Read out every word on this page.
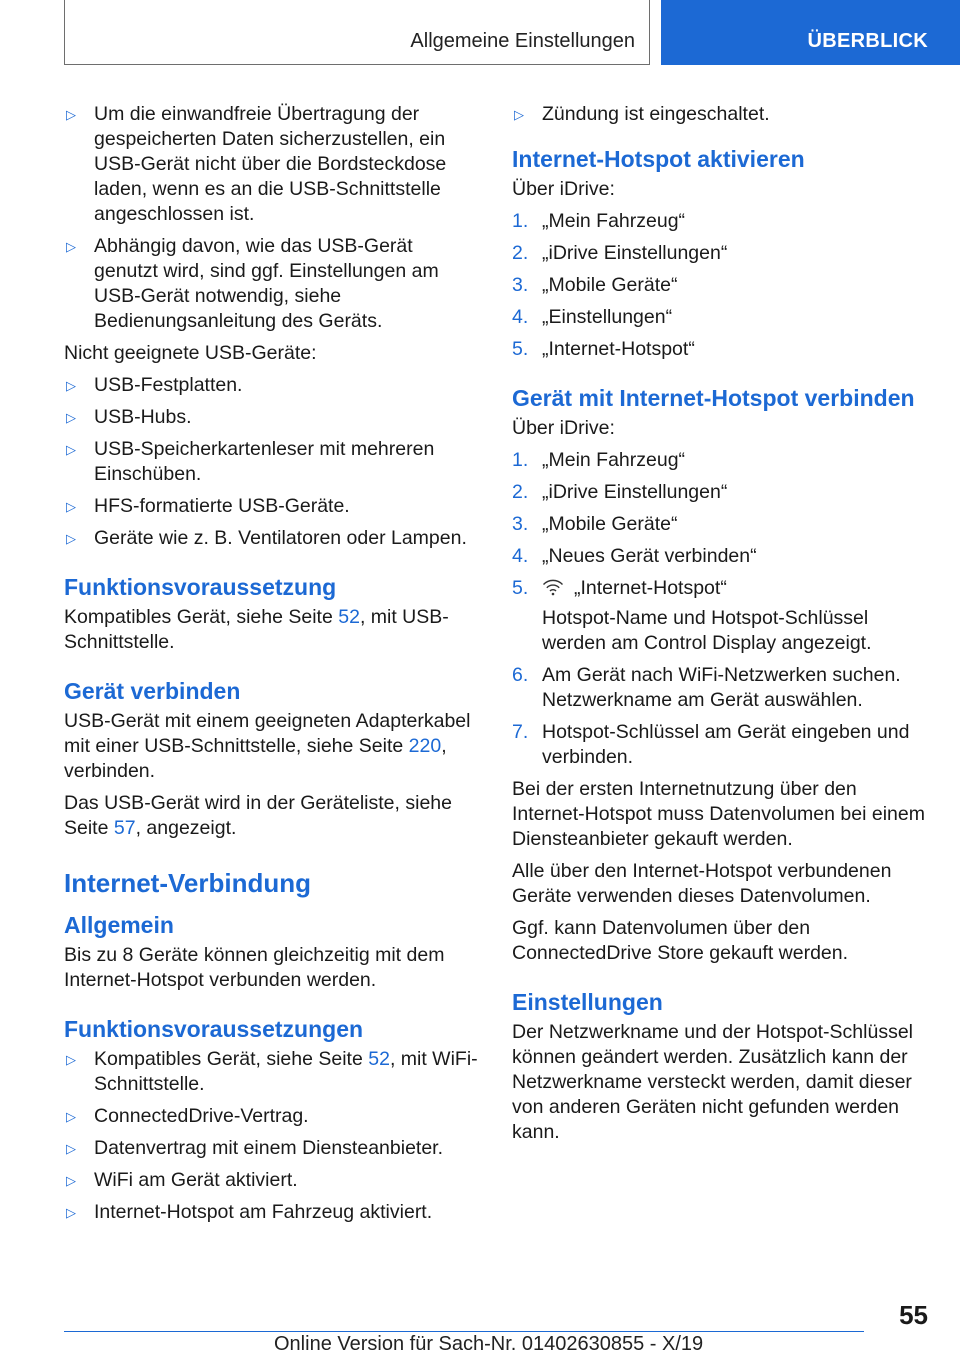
Allgemeine Einstellungen	ÜBERBLICK
▷ Um die einwandfreie Übertragung der gespeicherten Daten sicherzustellen, ein USB-Gerät nicht über die Bordsteckdose laden, wenn es an die USB-Schnittstelle angeschlossen ist.
▷ Abhängig davon, wie das USB-Gerät genutzt wird, sind ggf. Einstellungen am USB-Gerät notwendig, siehe Bedienungsanleitung des Geräts.
Nicht geeignete USB-Geräte:
▷ USB-Festplatten.
▷ USB-Hubs.
▷ USB-Speicherkartenleser mit mehreren Einschüben.
▷ HFS-formatierte USB-Geräte.
▷ Geräte wie z. B. Ventilatoren oder Lampen.
Funktionsvoraussetzung
Kompatibles Gerät, siehe Seite 52, mit USB-Schnittstelle.
Gerät verbinden
USB-Gerät mit einem geeigneten Adapterkabel mit einer USB-Schnittstelle, siehe Seite 220, verbinden.
Das USB-Gerät wird in der Geräteliste, siehe Seite 57, angezeigt.
Internet-Verbindung
Allgemein
Bis zu 8 Geräte können gleichzeitig mit dem Internet-Hotspot verbunden werden.
Funktionsvoraussetzungen
▷ Kompatibles Gerät, siehe Seite 52, mit WiFi-Schnittstelle.
▷ ConnectedDrive-Vertrag.
▷ Datenvertrag mit einem Diensteanbieter.
▷ WiFi am Gerät aktiviert.
▷ Internet-Hotspot am Fahrzeug aktiviert.
▷ Zündung ist eingeschaltet.
Internet-Hotspot aktivieren
Über iDrive:
1. „Mein Fahrzeug“
2. „iDrive Einstellungen“
3. „Mobile Geräte“
4. „Einstellungen“
5. „Internet-Hotspot“
Gerät mit Internet-Hotspot verbinden
Über iDrive:
1. „Mein Fahrzeug“
2. „iDrive Einstellungen“
3. „Mobile Geräte“
4. „Neues Gerät verbinden“
5. „Internet-Hotspot“
Hotspot-Name und Hotspot-Schlüssel werden am Control Display angezeigt.
6. Am Gerät nach WiFi-Netzwerken suchen. Netzwerkname am Gerät auswählen.
7. Hotspot-Schlüssel am Gerät eingeben und verbinden.
Bei der ersten Internetnutzung über den Internet-Hotspot muss Datenvolumen bei einem Diensteanbieter gekauft werden.
Alle über den Internet-Hotspot verbundenen Geräte verwenden dieses Datenvolumen.
Ggf. kann Datenvolumen über den ConnectedDrive Store gekauft werden.
Einstellungen
Der Netzwerkname und der Hotspot-Schlüssel können geändert werden. Zusätzlich kann der Netzwerkname versteckt werden, damit dieser von anderen Geräten nicht gefunden werden kann.
55
Online Version für Sach-Nr. 01402630855 - X/19
